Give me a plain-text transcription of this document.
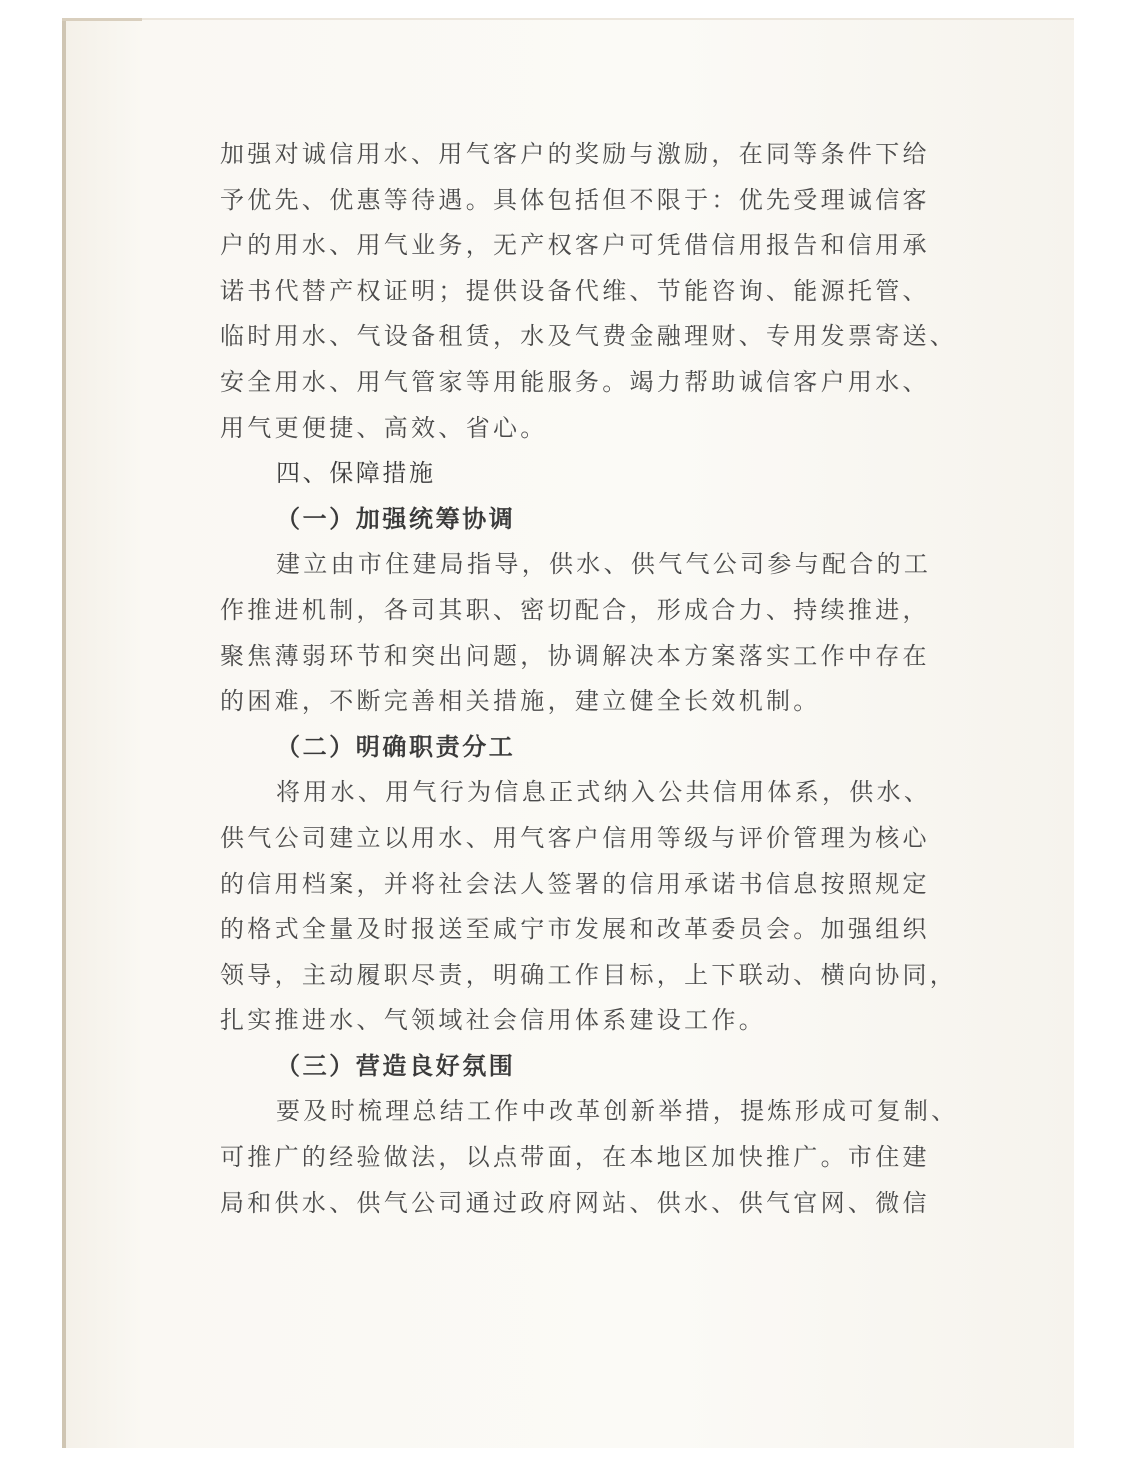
加强对诚信用水、用气客户的奖励与激励，在同等条件下给
予优先、优惠等待遇。具体包括但不限于：优先受理诚信客
户的用水、用气业务，无产权客户可凭借信用报告和信用承
诺书代替产权证明；提供设备代维、节能咨询、能源托管、
临时用水、气设备租赁，水及气费金融理财、专用发票寄送、
安全用水、用气管家等用能服务。竭力帮助诚信客户用水、
用气更便捷、高效、省心。
四、保障措施
（一）加强统筹协调
建立由市住建局指导，供水、供气气公司参与配合的工
作推进机制，各司其职、密切配合，形成合力、持续推进，
聚焦薄弱环节和突出问题，协调解决本方案落实工作中存在
的困难，不断完善相关措施，建立健全长效机制。
（二）明确职责分工
将用水、用气行为信息正式纳入公共信用体系，供水、
供气公司建立以用水、用气客户信用等级与评价管理为核心
的信用档案，并将社会法人签署的信用承诺书信息按照规定
的格式全量及时报送至咸宁市发展和改革委员会。加强组织
领导，主动履职尽责，明确工作目标，上下联动、横向协同，
扎实推进水、气领域社会信用体系建设工作。
（三）营造良好氛围
要及时梳理总结工作中改革创新举措，提炼形成可复制、
可推广的经验做法，以点带面，在本地区加快推广。市住建
局和供水、供气公司通过政府网站、供水、供气官网、微信
